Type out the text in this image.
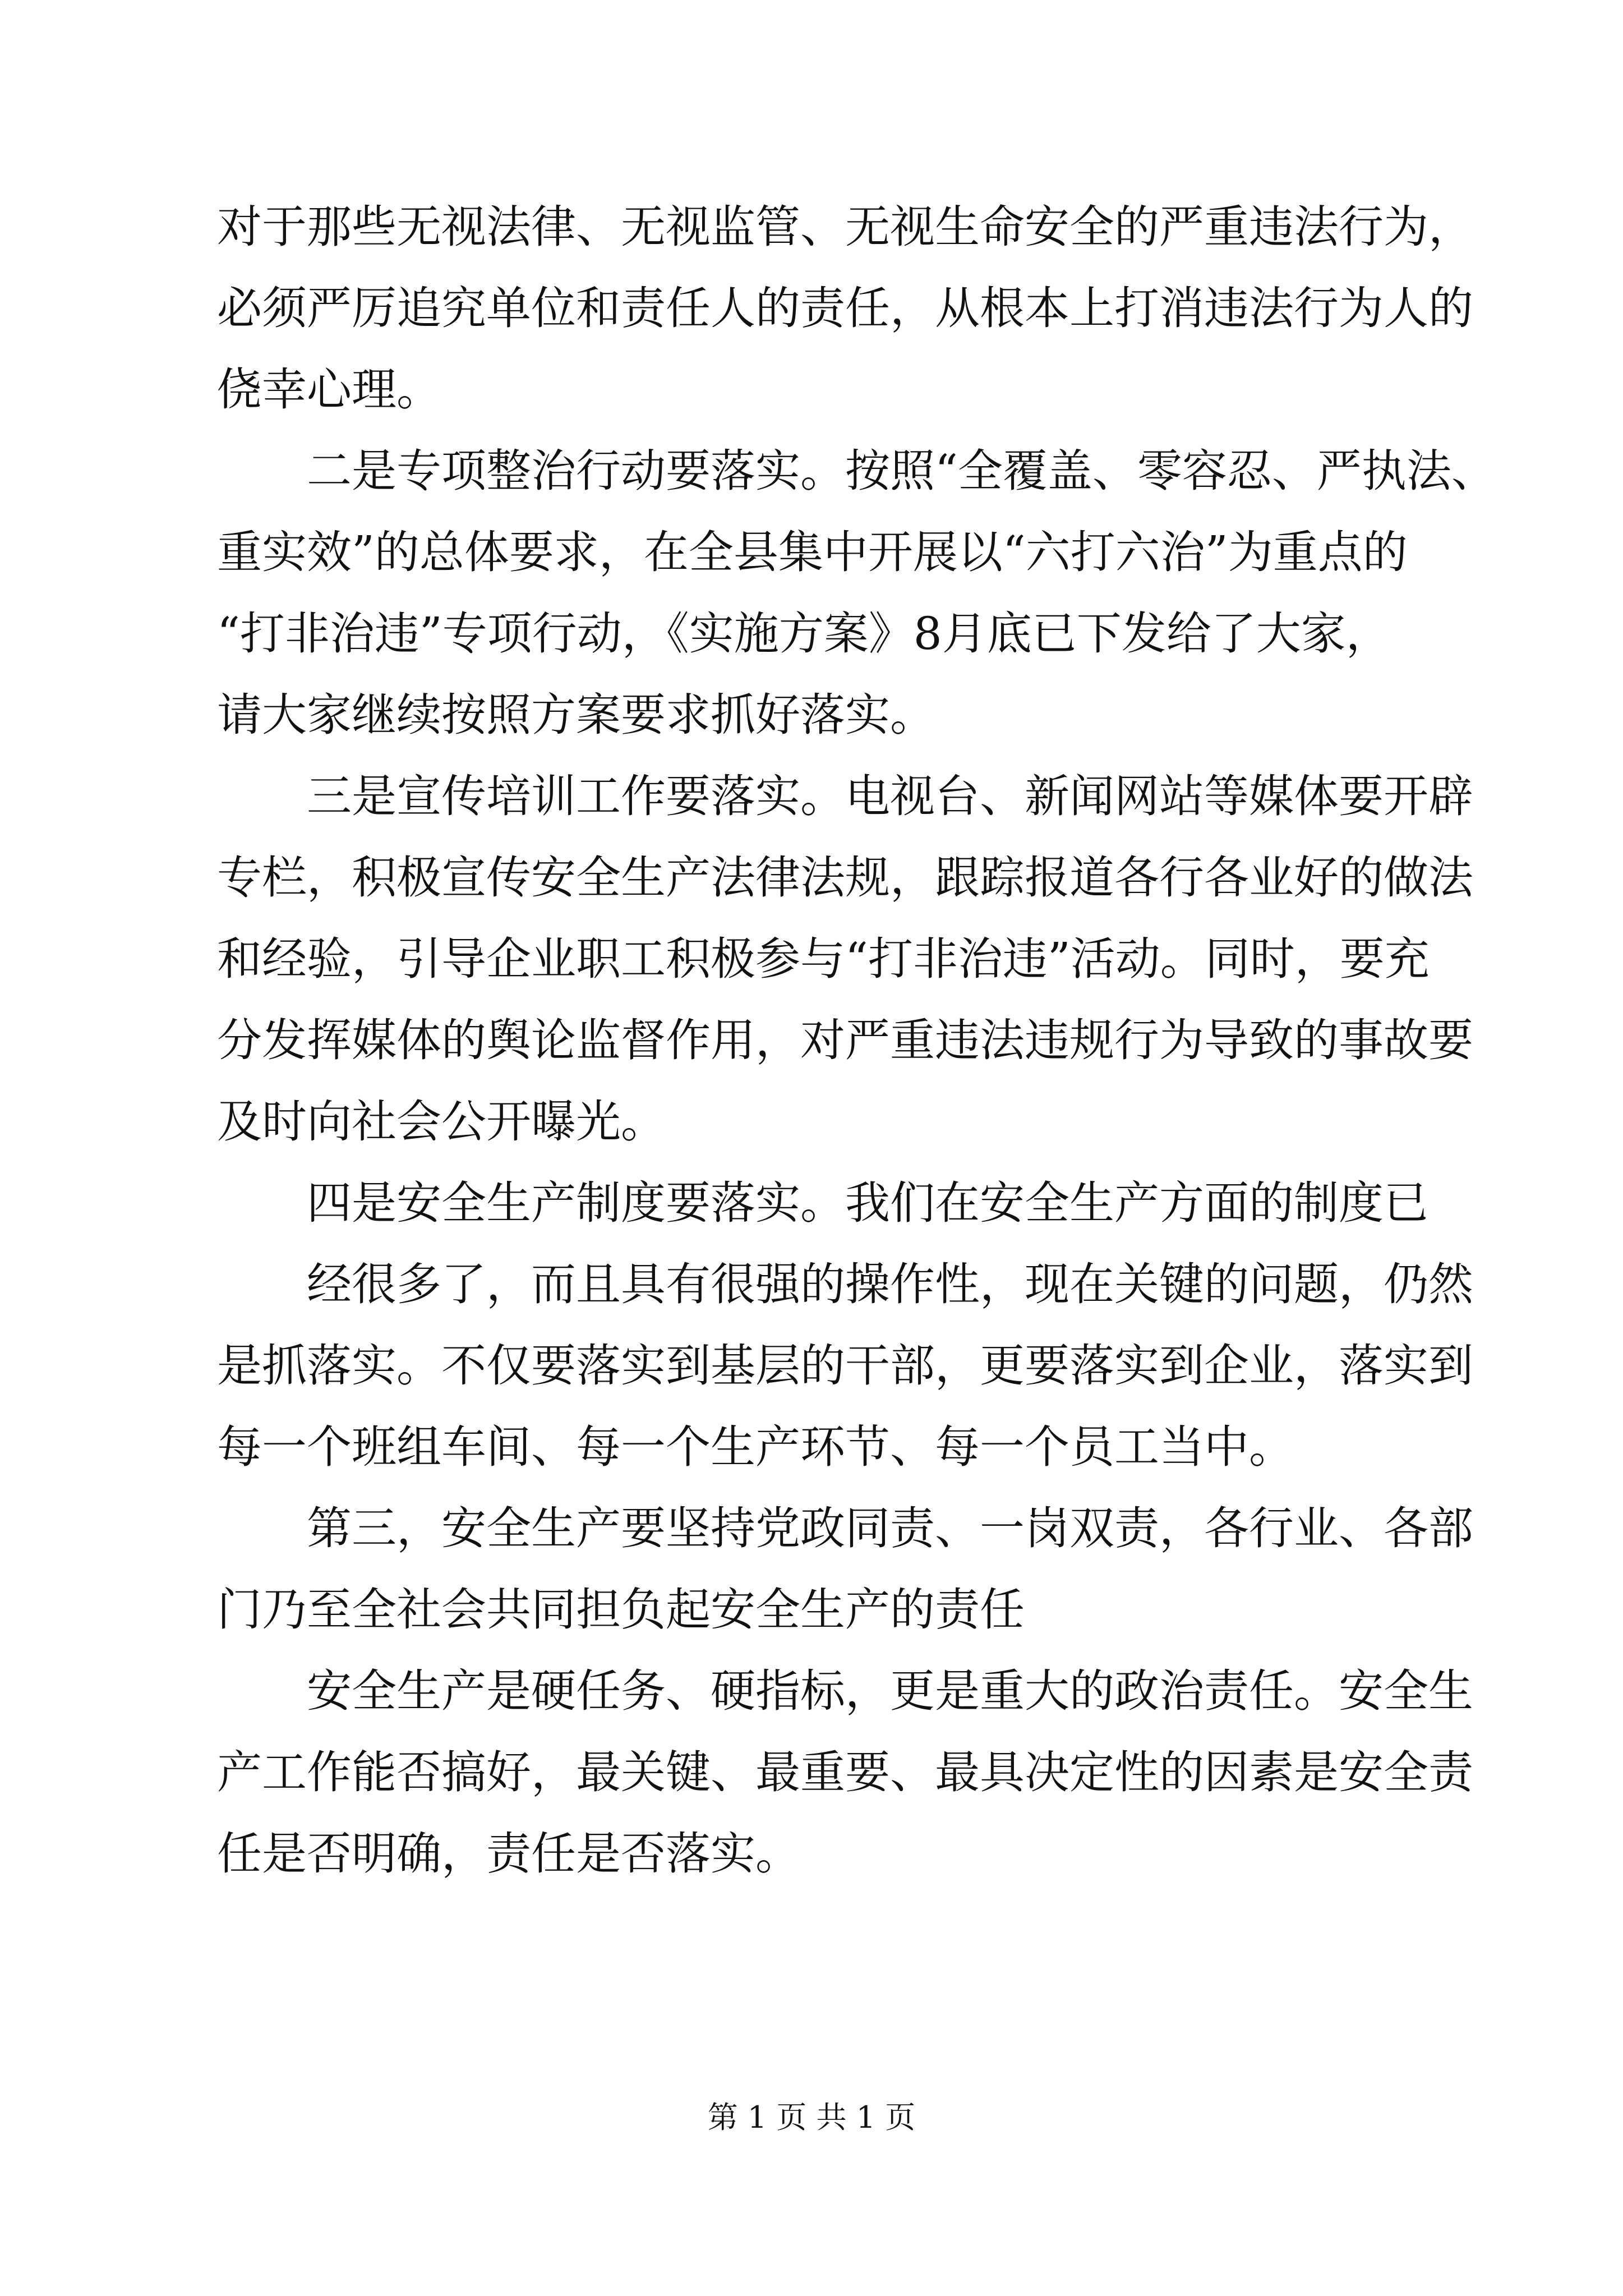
对于那些无视法律、无视监管、无视生命安全的严重违法行为，

必须严厉追究单位和责任人的责任，从根本上打消违法行为人的

侥幸心理。

二是专项整治行动要落实。按照“全覆盖、零容忍、严执法、

重实效”的总体要求，在全县集中开展以“六打六治”为重点的

“打非治违”专项行动，《实施方案》8月底已下发给了大家，

请大家继续按照方案要求抓好落实。

三是宣传培训工作要落实。电视台、新闻网站等媒体要开辟

专栏，积极宣传安全生产法律法规，跟踪报道各行各业好的做法

和经验，引导企业职工积极参与“打非治违”活动。同时，要充

分发挥媒体的舆论监督作用，对严重违法违规行为导致的事故要

及时向社会公开曝光。

四是安全生产制度要落实。我们在安全生产方面的制度已

经很多了，而且具有很强的操作性，现在关键的问题，仍然

是抓落实。不仅要落实到基层的干部，更要落实到企业，落实到

每一个班组车间、每一个生产环节、每一个员工当中。

第三，安全生产要坚持党政同责、一岗双责，各行业、各部

门乃至全社会共同担负起安全生产的责任

安全生产是硬任务、硬指标，更是重大的政治责任。安全生

产工作能否搞好，最关键、最重要、最具决定性的因素是安全责

任是否明确，责任是否落实。

第 1 页 共 1 页
